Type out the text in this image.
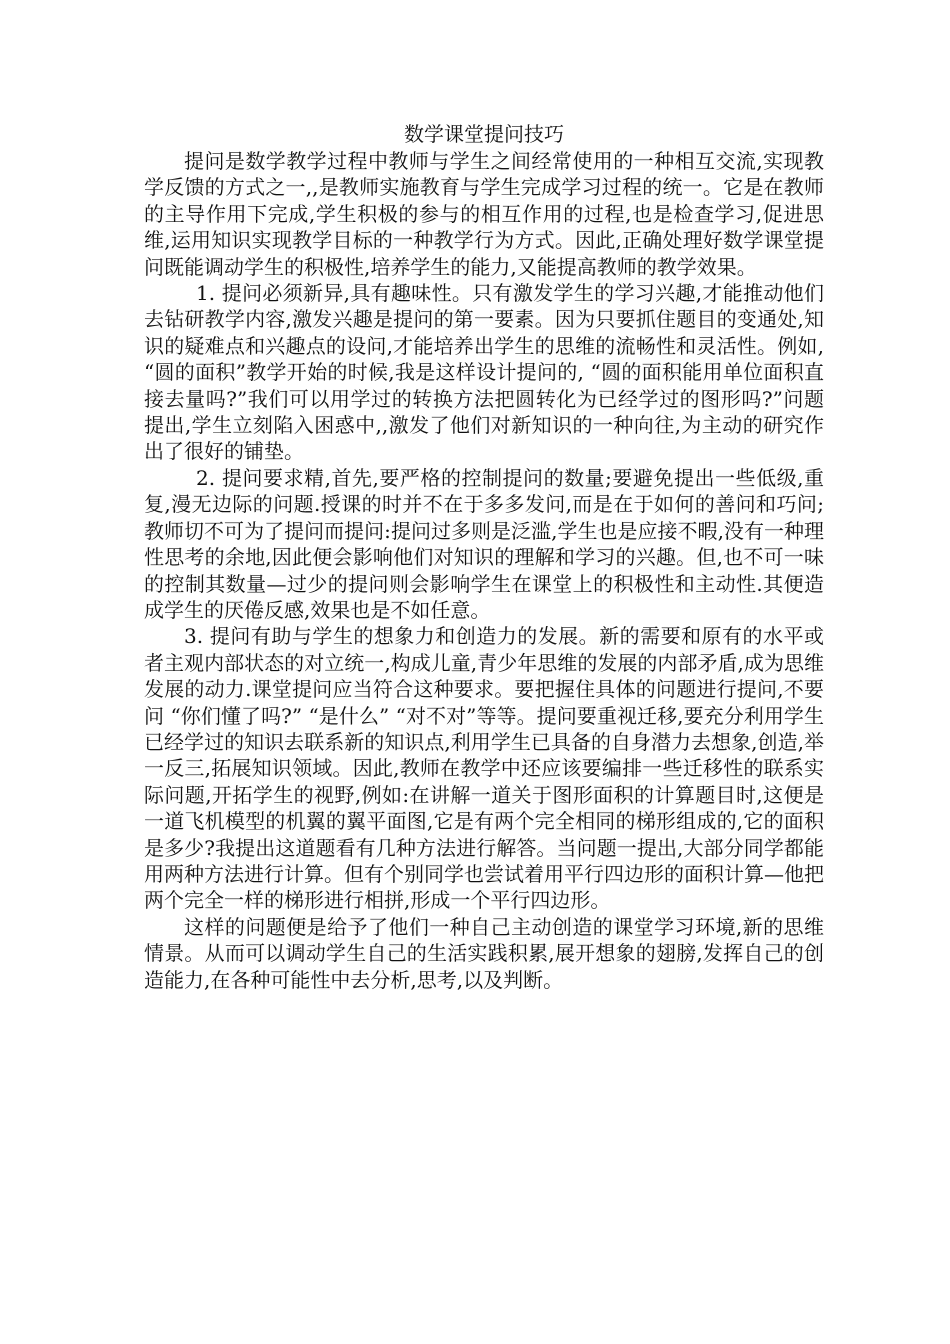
数学课堂提问技巧

提问是数学教学过程中教师与学生之间经常使用的一种相互交流,实现教学反馈的方式之一,,是教师实施教育与学生完成学习过程的统一。它是在教师的主导作用下完成,学生积极的参与的相互作用的过程,也是检查学习,促进思维,运用知识实现教学目标的一种教学行为方式。因此,正确处理好数学课堂提问既能调动学生的积极性,培养学生的能力,又能提高教师的教学效果。

1. 提问必须新异,具有趣味性。只有激发学生的学习兴趣,才能推动他们去钻研教学内容,激发兴趣是提问的第一要素。因为只要抓住题目的变通处,知识的疑难点和兴趣点的设问,才能培养出学生的思维的流畅性和灵活性。例如, “圆的面积”教学开始的时候,我是这样设计提问的, “圆的面积能用单位面积直接去量吗?”我们可以用学过的转换方法把圆转化为已经学过的图形吗?”问题提出,学生立刻陷入困惑中,,激发了他们对新知识的一种向往,为主动的研究作出了很好的铺垫。

2. 提问要求精,首先,要严格的控制提问的数量;要避免提出一些低级,重复,漫无边际的问题.授课的时并不在于多多发问,而是在于如何的善问和巧问;教师切不可为了提问而提问:提问过多则是泛滥,学生也是应接不暇,没有一种理性思考的余地,因此便会影响他们对知识的理解和学习的兴趣。但,也不可一味的控制其数量—过少的提问则会影响学生在课堂上的积极性和主动性.其便造成学生的厌倦反感,效果也是不如任意。

3. 提问有助与学生的想象力和创造力的发展。新的需要和原有的水平或者主观内部状态的对立统一,构成儿童,青少年思维的发展的内部矛盾,成为思维发展的动力.课堂提问应当符合这种要求。要把握住具体的问题进行提问,不要问 “你们懂了吗?” “是什么” “对不对”等等。提问要重视迁移,要充分利用学生已经学过的知识去联系新的知识点,利用学生已具备的自身潜力去想象,创造,举一反三,拓展知识领域。因此,教师在教学中还应该要编排一些迁移性的联系实际问题,开拓学生的视野,例如:在讲解一道关于图形面积的计算题目时,这便是一道飞机模型的机翼的翼平面图,它是有两个完全相同的梯形组成的,它的面积是多少?我提出这道题看有几种方法进行解答。当问题一提出,大部分同学都能用两种方法进行计算。但有个别同学也尝试着用平行四边形的面积计算—他把两个完全一样的梯形进行相拼,形成一个平行四边形。

这样的问题便是给予了他们一种自己主动创造的课堂学习环境,新的思维情景。从而可以调动学生自己的生活实践积累,展开想象的翅膀,发挥自己的创造能力,在各种可能性中去分析,思考,以及判断。
